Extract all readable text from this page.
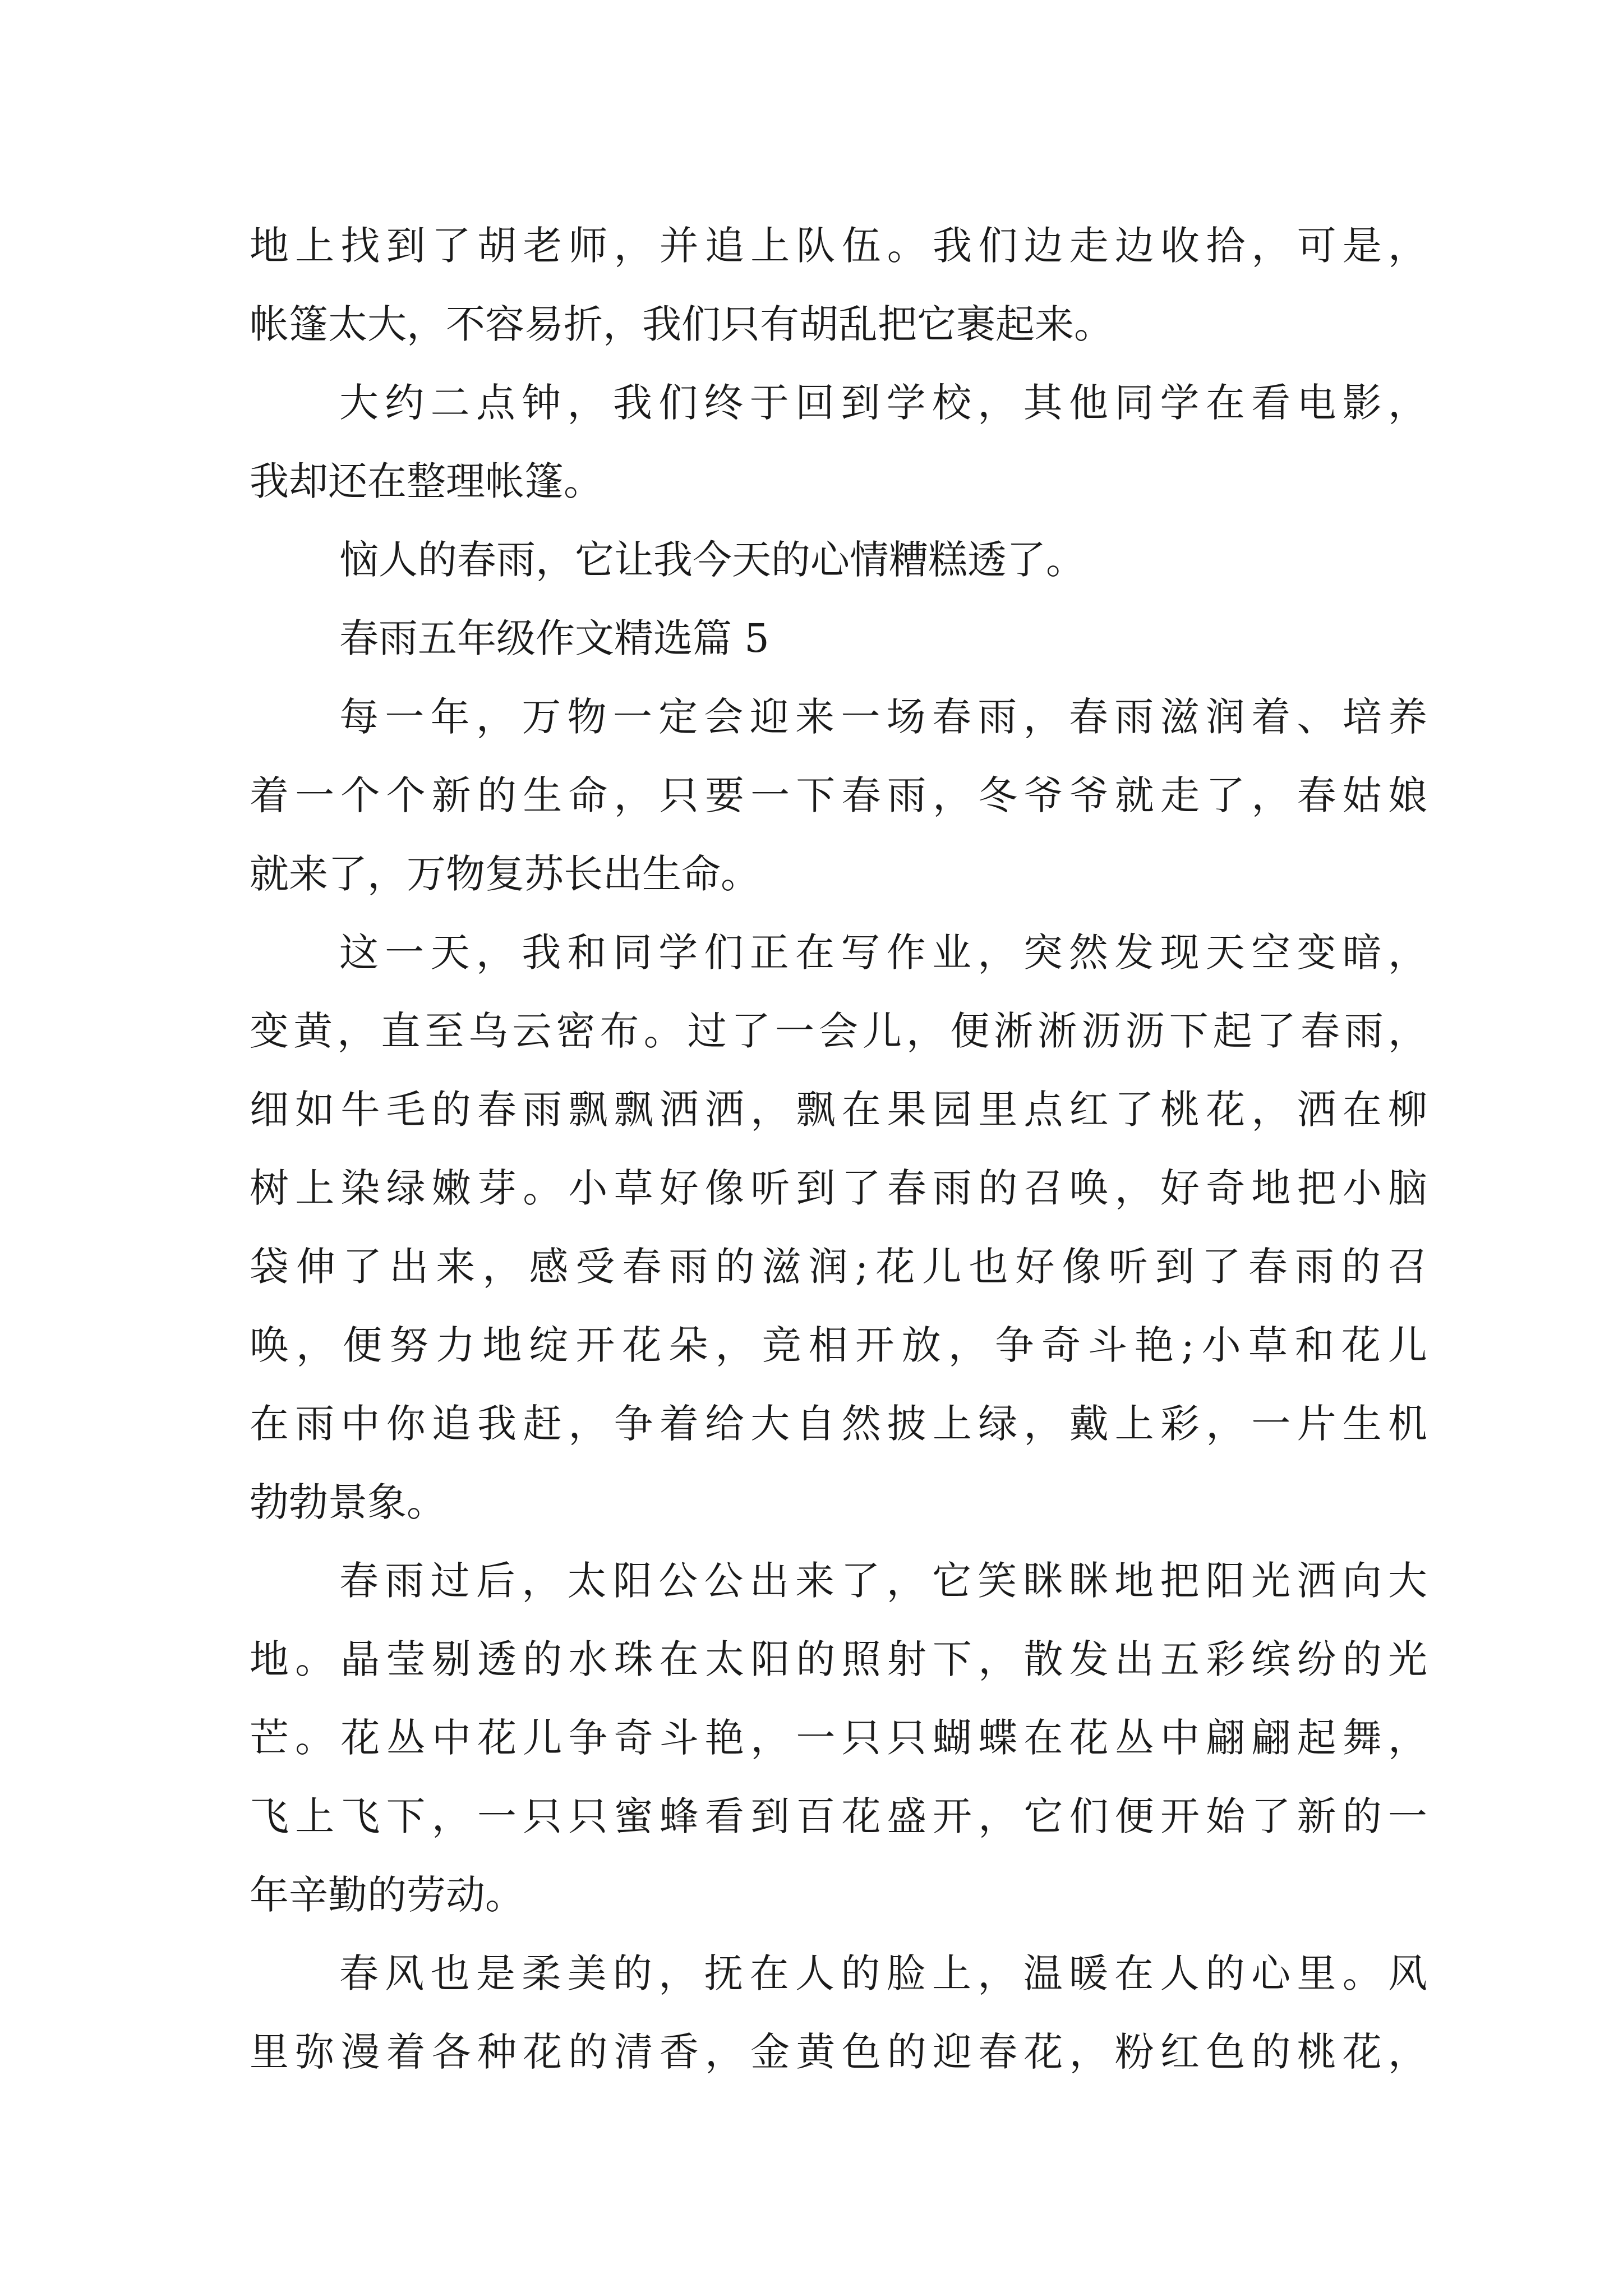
地上找到了胡老师，并追上队伍。我们边走边收拾，可是，
帐篷太大，不容易折，我们只有胡乱把它裹起来。
大约二点钟，我们终于回到学校，其他同学在看电影，
我却还在整理帐篷。
恼人的春雨，它让我今天的心情糟糕透了。
春雨五年级作文精选篇 5
每一年，万物一定会迎来一场春雨，春雨滋润着、培养
着一个个新的生命，只要一下春雨，冬爷爷就走了，春姑娘
就来了，万物复苏长出生命。
这一天，我和同学们正在写作业，突然发现天空变暗，
变黄，直至乌云密布。过了一会儿，便淅淅沥沥下起了春雨，
细如牛毛的春雨飘飘洒洒，飘在果园里点红了桃花，洒在柳
树上染绿嫩芽。小草好像听到了春雨的召唤，好奇地把小脑
袋伸了出来，感受春雨的滋润;花儿也好像听到了春雨的召
唤，便努力地绽开花朵，竞相开放，争奇斗艳;小草和花儿
在雨中你追我赶，争着给大自然披上绿，戴上彩，一片生机
勃勃景象。
春雨过后，太阳公公出来了，它笑眯眯地把阳光洒向大
地。晶莹剔透的水珠在太阳的照射下，散发出五彩缤纷的光
芒。花丛中花儿争奇斗艳，一只只蝴蝶在花丛中翩翩起舞，
飞上飞下，一只只蜜蜂看到百花盛开，它们便开始了新的一
年辛勤的劳动。
春风也是柔美的，抚在人的脸上，温暖在人的心里。风
里弥漫着各种花的清香，金黄色的迎春花，粉红色的桃花，
